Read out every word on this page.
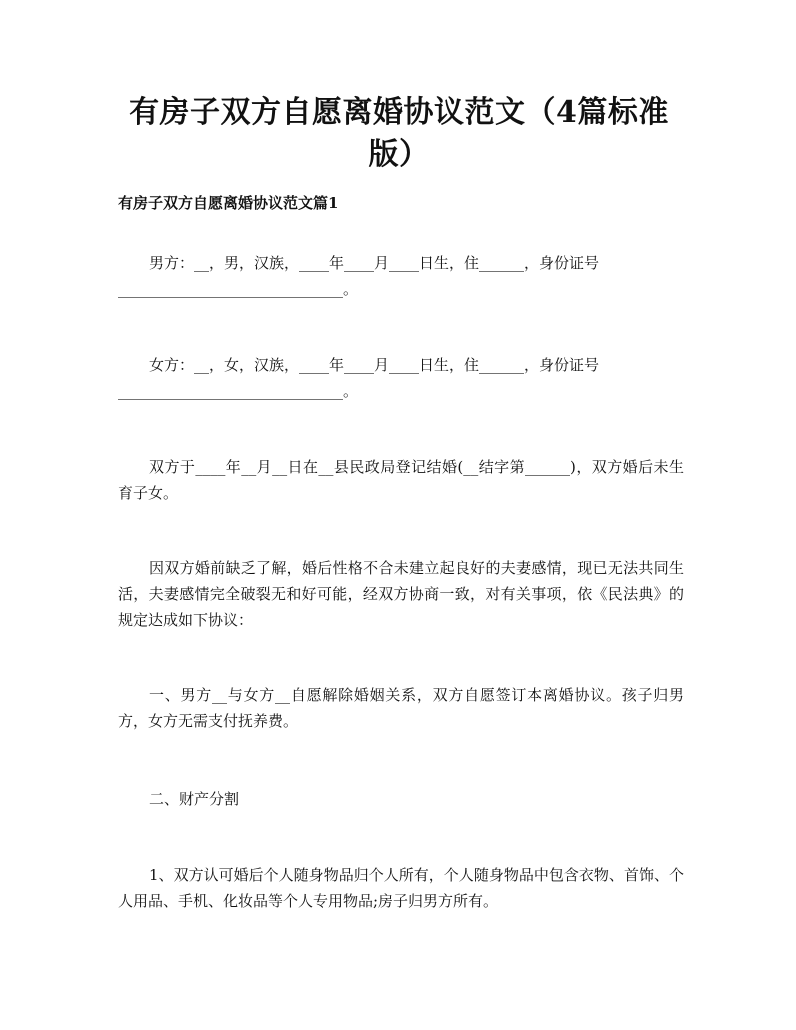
有房子双方自愿离婚协议范文（4篇标准版）
有房子双方自愿离婚协议范文篇1

男方：__，男，汉族，____年____月____日生，住______，身份证号
______________________________。

女方：__，女，汉族，____年____月____日生，住______，身份证号
______________________________。

双方于____年__月__日在__县民政局登记结婚(__结字第______)，双方婚后未生育子女。

因双方婚前缺乏了解，婚后性格不合未建立起良好的夫妻感情，现已无法共同生活，夫妻感情完全破裂无和好可能，经双方协商一致，对有关事项，依《民法典》的规定达成如下协议：

一、男方__与女方__自愿解除婚姻关系，双方自愿签订本离婚协议。孩子归男方，女方无需支付抚养费。

二、财产分割

1、双方认可婚后个人随身物品归个人所有，个人随身物品中包含衣物、首饰、个人用品、手机、化妆品等个人专用物品;房子归男方所有。
